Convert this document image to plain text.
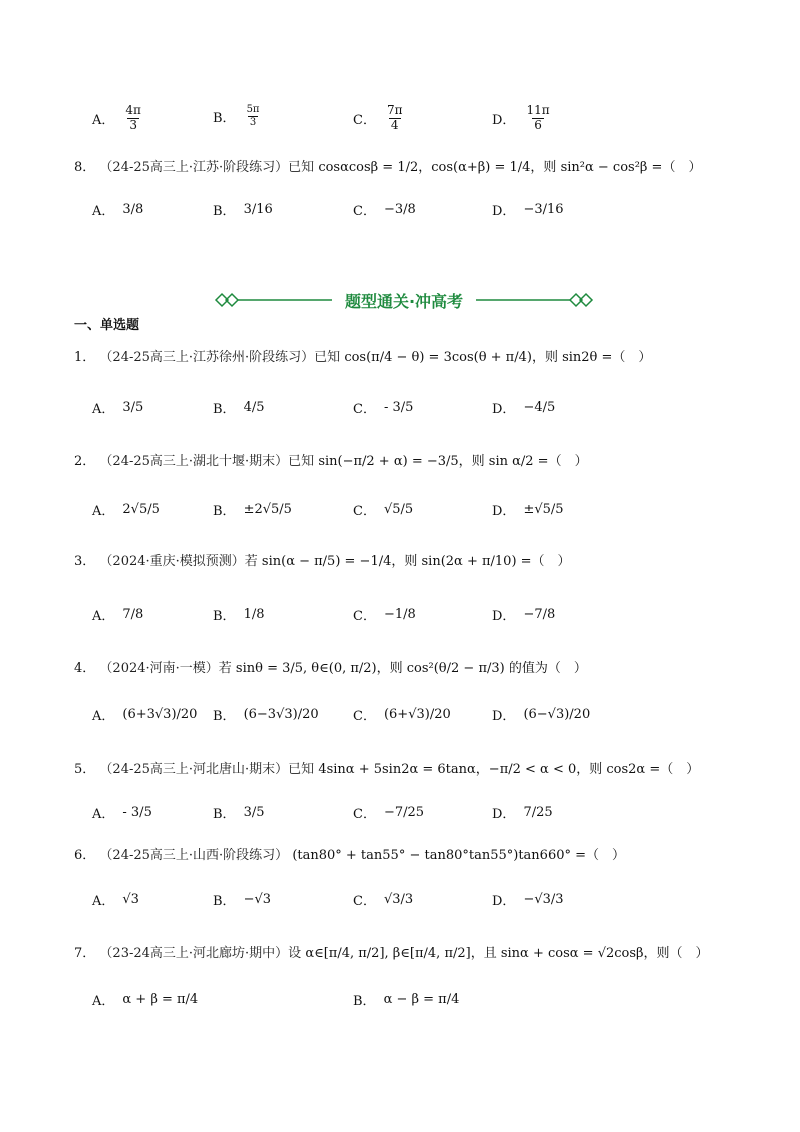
A． $\frac{4\pi}{3}$	B． $\frac{5\pi}{3}$	C． $\frac{7\pi}{4}$	D． $\frac{11\pi}{6}$
8． （24-25高三上·江苏·阶段练习）已知 cosαcosβ = 1/2，cos(α+β) = 1/4，则 sin²α − cos²β =（　）
A． 3/8	B． 3/16	C． −3/8	D． −3/16
题型通关·冲高考
一、单选题
1． （24-25高三上·江苏徐州·阶段练习）已知 cos(π/4 − θ) = 3cos(θ + π/4)，则 sin2θ =（　）
A． 3/5	B． 4/5	C． - 3/5	D． −4/5
2． （24-25高三上·湖北十堰·期末）已知 sin(−π/2 + α) = −3/5，则 sin α/2 =（　）
A． 2√5/5	B． ±2√5/5	C． √5/5	D． ±√5/5
3． （2024·重庆·模拟预测）若 sin(α − π/5) = −1/4，则 sin(2α + π/10) =（　）
A． 7/8	B． 1/8	C． −1/8	D． −7/8
4． （2024·河南·一模）若 sinθ = 3/5, θ∈(0, π/2)，则 cos²(θ/2 − π/3) 的值为（　）
A． (6+3√3)/20 B． (6−3√3)/20	C． (6+√3)/20	D． (6−√3)/20
5． （24-25高三上·河北唐山·期末）已知 4sinα + 5sin2α = 6tanα，−π/2 < α < 0，则 cos2α =（　）
A． - 3/5	B． 3/5	C． −7/25	D． 7/25
6． （24-25高三上·山西·阶段练习） (tan80° + tan55° − tan80°tan55°)tan660° =（　）
A． √3	B． −√3	C． √3/3	D． −√3/3
7． （23-24高三上·河北廊坊·期中）设 α∈[π/4, π/2], β∈[π/4, π/2]，且 sinα + cosα = √2cosβ，则（　）
A． α + β = π/4	B． α − β = π/4
